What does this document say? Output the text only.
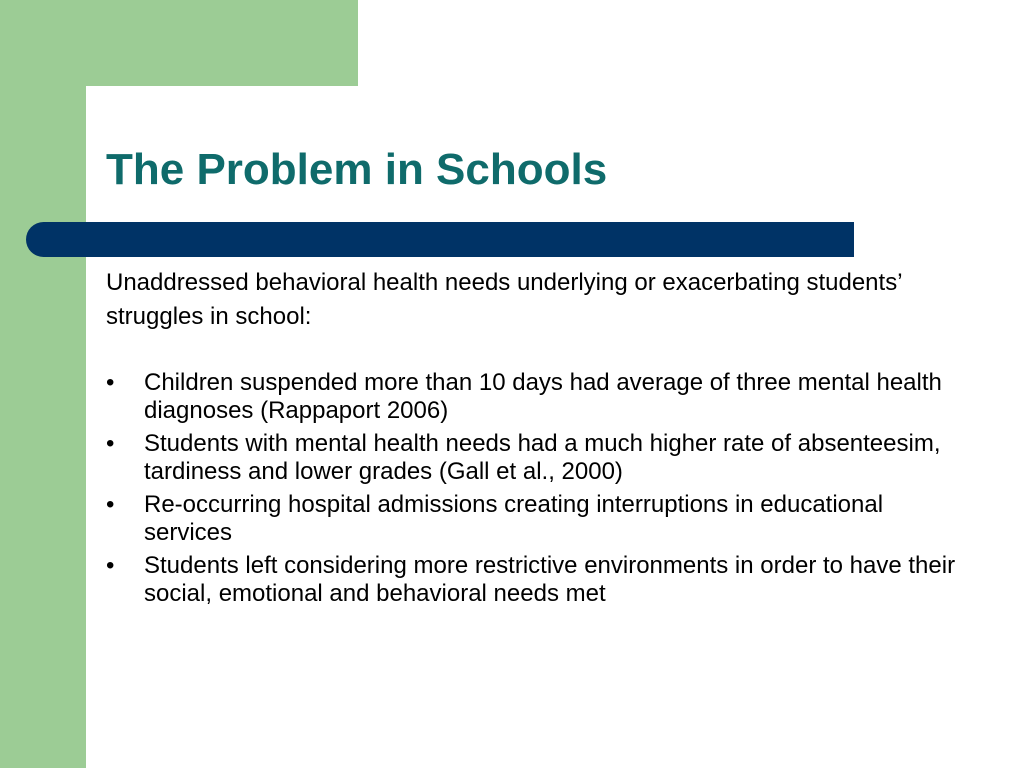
The Problem in Schools

Unaddressed behavioral health needs underlying or exacerbating students’ struggles in school:

• Children suspended more than 10 days had average of three mental health diagnoses (Rappaport 2006)
• Students with mental health needs had a much higher rate of absenteesim, tardiness and lower grades (Gall et al., 2000)
• Re-occurring hospital admissions creating interruptions in educational services
• Students left considering more restrictive environments in order to have their social, emotional and behavioral needs met
